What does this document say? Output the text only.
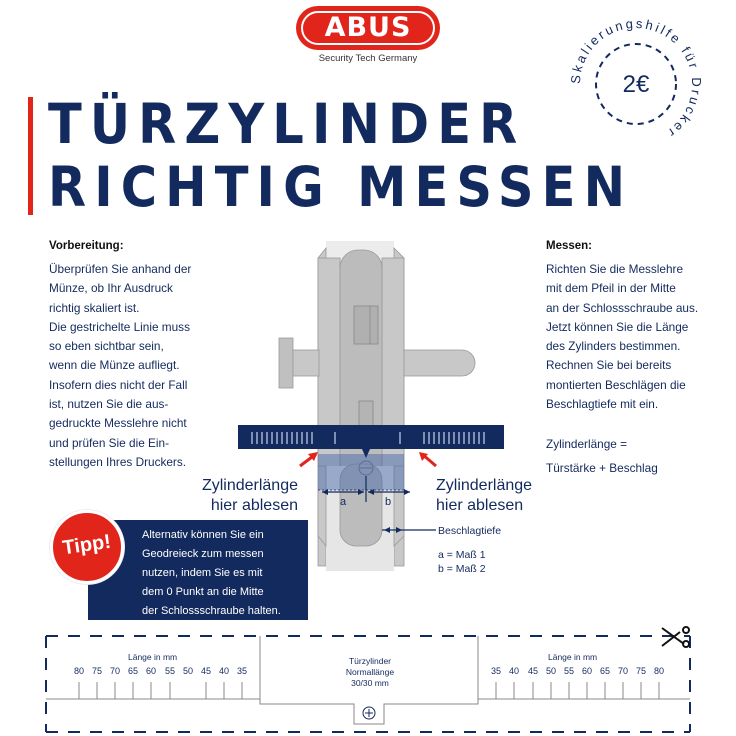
ABUS
Security Tech Germany
Skalierungshilfe für Drucker
2€
TÜRZYLINDER
RICHTIG MESSEN
Vorbereitung:
Überprüfen Sie anhand der
Münze, ob Ihr Ausdruck
richtig skaliert ist.
Die gestrichelte Linie muss
so eben sichtbar sein,
wenn die Münze aufliegt.
Insofern dies nicht der Fall
ist, nutzen Sie die aus-
gedruckte Messlehre nicht
und prüfen Sie die Ein-
stellungen Ihres Druckers.
Messen:
Richten Sie die Messlehre
mit dem Pfeil in der Mitte
an der Schlossschraube aus.
Jetzt können Sie die Länge
des Zylinders bestimmen.
Rechnen Sie bei bereits
montierten Beschlägen die
Beschlagtiefe mit ein.
Zylinderlänge =
Türstärke + Beschlag
a	b
Zylinderlänge
hier ablesen
Zylinderlänge
hier ablesen
Beschlagtiefe
a = Maß 1
b = Maß 2
Alternativ können Sie ein
Geodreieck zum messen
nutzen, indem Sie es mit
dem 0 Punkt an die Mitte
der Schlossschraube halten.
Tipp!
Länge in mm	Länge in mm
80 75 70 65 60 55 50 45 40 35	35 40 45 50 55 60 65 70 75 80
Türzylinder
Normallänge
30/30 mm
